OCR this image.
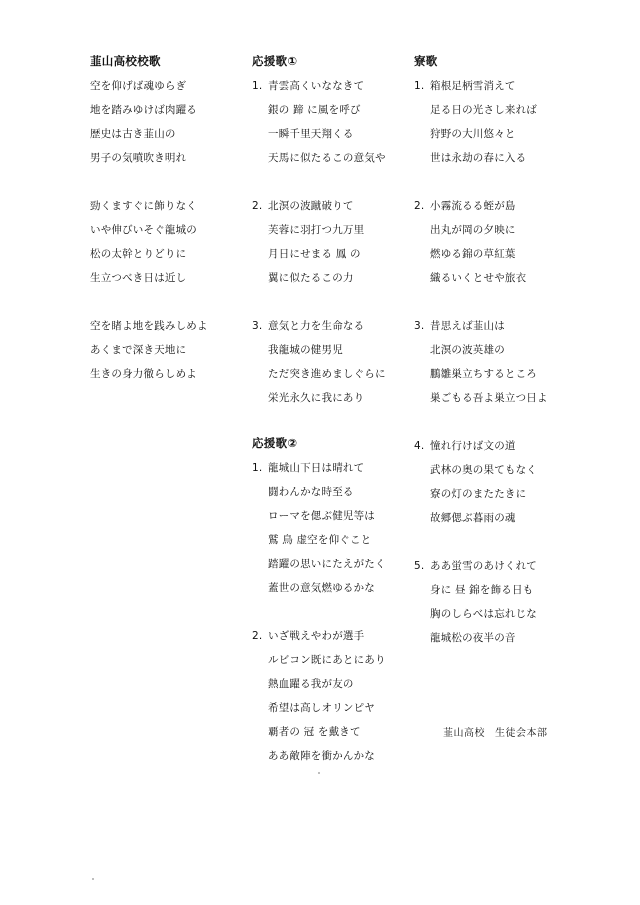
韮山高校校歌
空を仰げば魂ゆらぎ
地を踏みゆけば肉躍る
歴史は古き韮山の
男子の気噴吹き明れ
勁くますぐに飾りなく
いや伸びいそぐ龍城の
松の太幹とりどりに
生立つべき日は近し
空を睹よ地を践みしめよ
あくまで深き天地に
生きの身力徹らしめよ
応援歌①
1. 青雲高くいななきて
銀の 蹄 に風を呼び
一瞬千里天翔くる
天馬に似たるこの意気や
2. 北溟の波蹴破りて
芙蓉に羽打つ九万里
月日にせまる 鳳 の
翼に似たるこの力
3. 意気と力を生命なる
我龍城の健男児
ただ突き進めましぐらに
栄光永久に我にあり
応援歌②
1. 龍城山下日は晴れて
闘わんかな時至る
ローマを偲ぶ健児等は
鷲 鳥 虚空を仰ぐこと
踏躍の思いにたえがたく
蓋世の意気燃ゆるかな
2. いざ戦えやわが選手
ルビコン既にあとにあり
熱血躍る我が友の
希望は高しオリンピヤ
覇者の 冠 を戴きて
ああ敵陣を衝かんかな
寮歌
1. 箱根足柄雪消えて
足る日の光さし来れば
狩野の大川悠々と
世は永劫の春に入る
2. 小霧流るる蛭が島
出丸が岡の夕映に
燃ゆる錦の草紅葉
織るいくとせや旅衣
3. 昔思えば韮山は
北溟の波英雄の
鵬雛巣立ちするところ
巣ごもる吾よ巣立つ日よ
4. 憧れ行けば文の道
武林の奥の果てもなく
寮の灯のまたたきに
故郷偲ぶ暮雨の魂
5. ああ蛍雪のあけくれて
身に 昼 錦を飾る日も
胸のしらべは忘れじな
龍城松の夜半の音
韮山高校 生徒会本部
